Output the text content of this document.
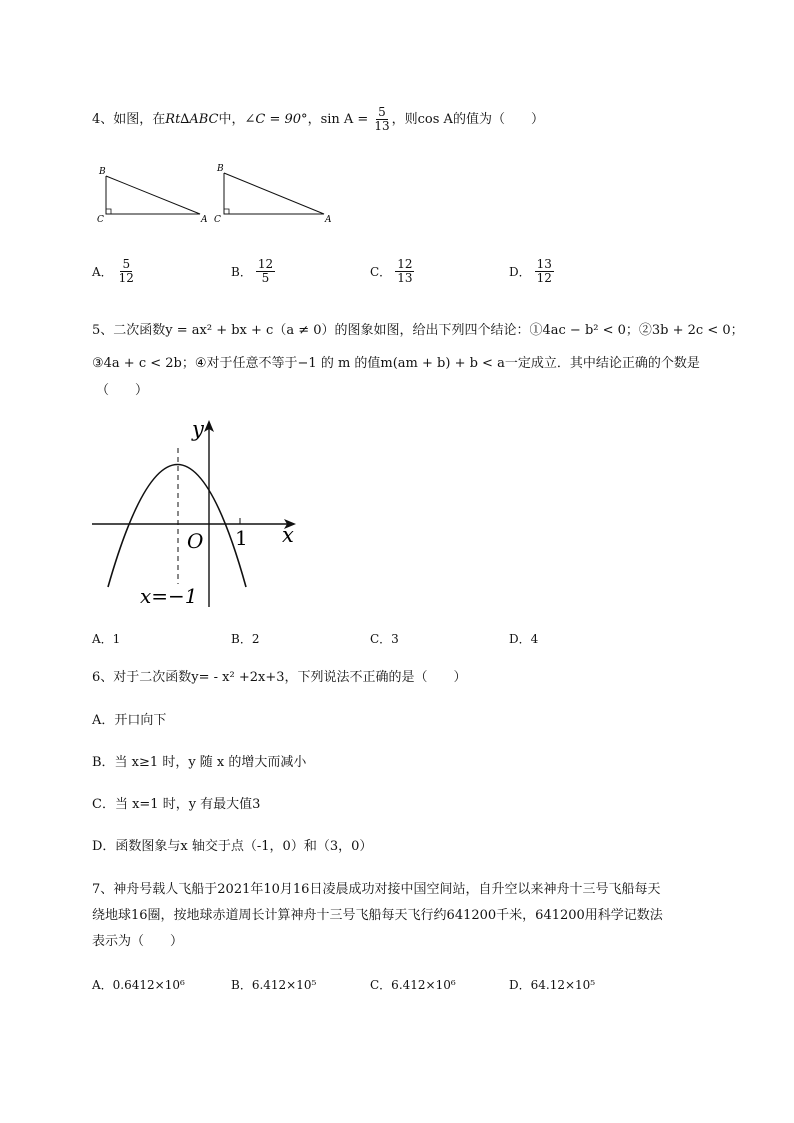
4、如图，在 Rt∆ABC 中， ∠C = 90° ， $\sin A = \frac{5}{13}$ ，则 cos A 的值为（　　）
B
C	A
B
C	A
A． $\frac{5}{12}$	B． $\frac{12}{5}$	C． $\frac{12}{13}$	D． $\frac{13}{12}$
5、二次函数y = ax² + bx + c（a ≠ 0）的图象如图，给出下列四个结论：①4ac − b² < 0；②3b + 2c < 0；
③4a + c < 2b；④对于任意不等于−1 的 m 的值m(am + b) + b < a一定成立．其中结论正确的个数是
（　　）
y
x
O 1
x=−1
A．1	B．2	C．3	D．4
6、对于二次函数y= - x² +2x+3，下列说法不正确的是（　　）
A．开口向下
B．当 x≥1 时，y 随 x 的增大而减小
C．当 x=1 时，y 有最大值3
D．函数图象与x 轴交于点（-1，0）和（3，0）
7、神舟号载人飞船于2021年10月16日凌晨成功对接中国空间站，自升空以来神舟十三号飞船每天
绕地球16圈，按地球赤道周长计算神舟十三号飞船每天飞行约641200千米，641200用科学记数法
表示为（　　）
A．0.6412×10⁶	B．6.412×10⁵	C．6.412×10⁶	D．64.12×10⁵
